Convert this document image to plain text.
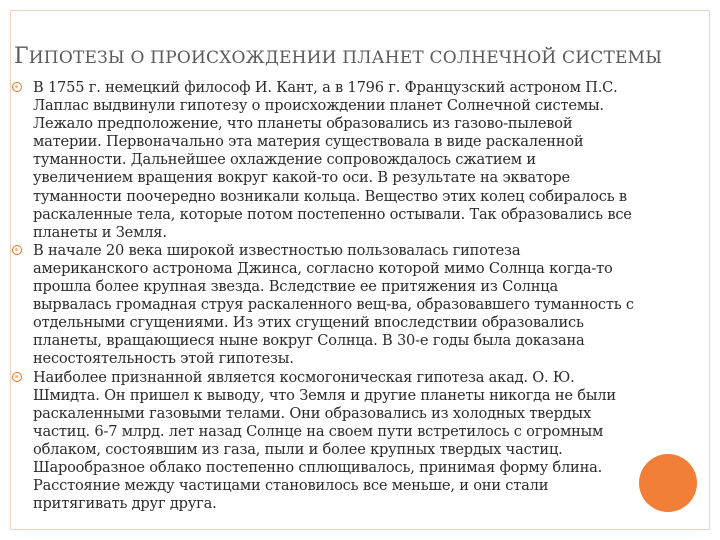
ГИПОТЕЗЫ О ПРОИСХОЖДЕНИИ ПЛАНЕТ СОЛНЕЧНОЙ СИСТЕМЫ
В 1755 г. немецкий философ И. Кант, а в 1796 г. Французский астроном П.С.
Лаплас выдвинули гипотезу о происхождении планет Солнечной системы.
Лежало предположение, что планеты образовались из газово-пылевой
материи. Первоначально эта материя существовала в виде раскаленной
туманности. Дальнейшее охлаждение сопровождалось сжатием и
увеличением вращения вокруг какой-то оси. В результате на экваторе
туманности поочередно возникали кольца. Вещество этих колец собиралось в
раскаленные тела, которые потом постепенно остывали. Так образовались все
планеты и Земля.
В начале 20 века широкой известностью пользовалась гипотеза
американского астронома Джинса, согласно которой мимо Солнца когда-то
прошла более крупная звезда. Вследствие ее притяжения из Солнца
вырвалась громадная струя раскаленного вещ-ва, образовавшего туманность с
отдельными сгущениями. Из этих сгущений впоследствии образовались
планеты, вращающиеся ныне вокруг Солнца. В 30-е годы была доказана
несостоятельность этой гипотезы.
Наиболее признанной является космогоническая гипотеза акад. О. Ю.
Шмидта. Он пришел к выводу, что Земля и другие планеты никогда не были
раскаленными газовыми телами. Они образовались из холодных твердых
частиц. 6-7 млрд. лет назад Солнце на своем пути встретилось с огромным
облаком, состоявшим из газа, пыли и более крупных твердых частиц.
Шарообразное облако постепенно сплющивалось, принимая форму блина.
Расстояние между частицами становилось все меньше, и они стали
притягивать друг друга.
